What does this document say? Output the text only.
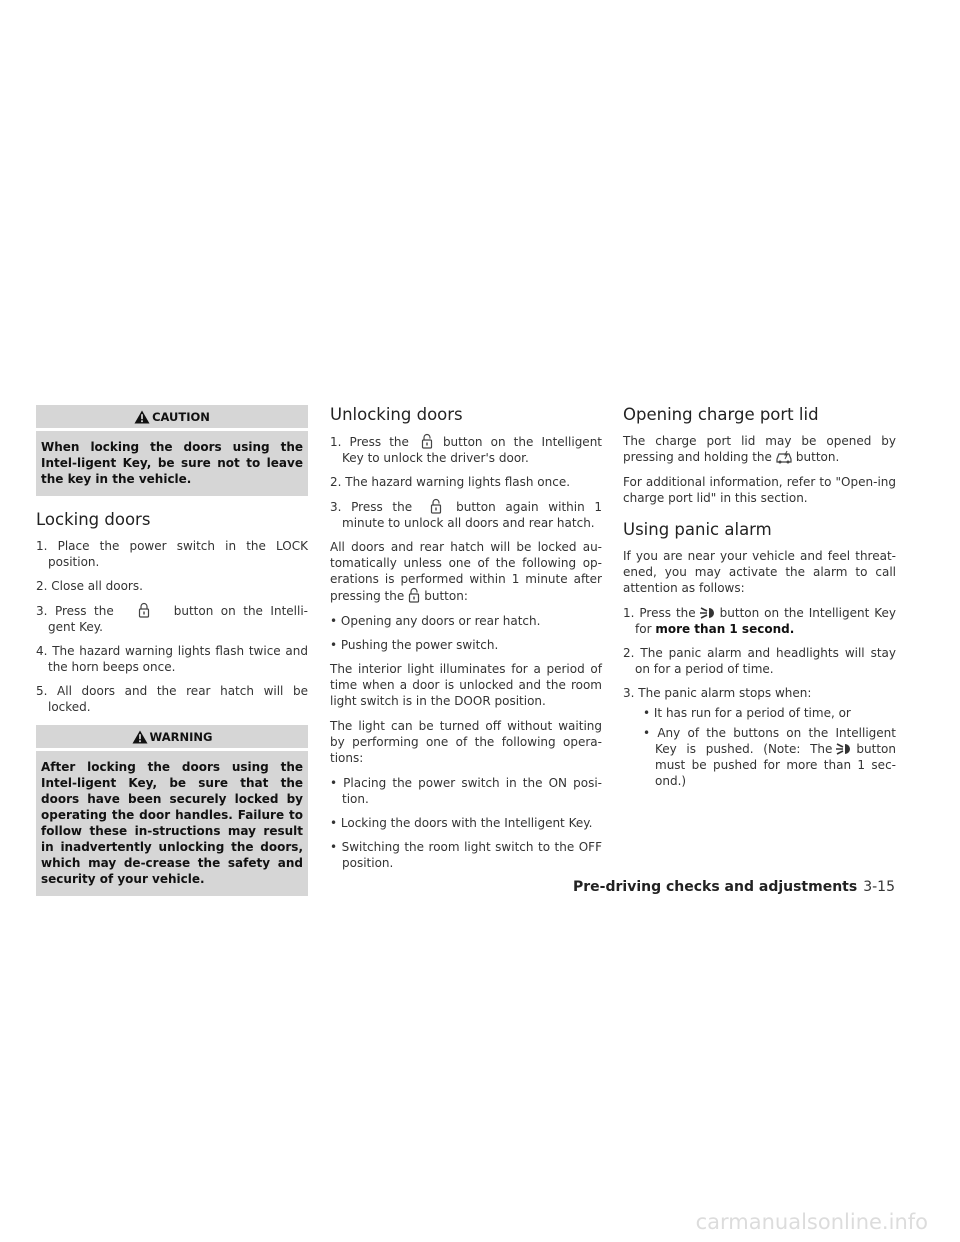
CAUTION
When locking the doors using the Intel-ligent Key, be sure not to leave the key in the vehicle.
Locking doors
1. Place the power switch in the LOCK position.
2. Close all doors.
3. Press the	button on the Intelli-gent Key.
4. The hazard warning lights flash twice and the horn beeps once.
5. All doors and the rear hatch will be locked.
WARNING
After locking the doors using the Intel-ligent Key, be sure that the doors have been securely locked by operating the door handles. Failure to follow these in-structions may result in inadvertently unlocking the doors, which may de-crease the safety and security of your vehicle.
Unlocking doors
1. Press the	button on the Intelligent Key to unlock the driver's door.
2. The hazard warning lights flash once.
3. Press the	button again within 1 minute to unlock all doors and rear hatch.

All doors and rear hatch will be locked au-tomatically unless one of the following op-erations is performed within 1 minute after pressing the button:

• Opening any doors or rear hatch.
• Pushing the power switch.

The interior light illuminates for a period of time when a door is unlocked and the room light switch is in the DOOR position.

The light can be turned off without waiting by performing one of the following opera-tions:

• Placing the power switch in the ON posi-tion.
• Locking the doors with the Intelligent Key.
• Switching the room light switch to the OFF position.
Opening charge port lid

The charge port lid may be opened by pressing and holding the button.

For additional information, refer to "Open-ing charge port lid" in this section.

Using panic alarm

If you are near your vehicle and feel threat-ened, you may activate the alarm to call attention as follows:

1. Press the button on the Intelligent Key for more than 1 second.
2. The panic alarm and headlights will stay on for a period of time.
3. The panic alarm stops when:
• It has run for a period of time, or
• Any of the buttons on the Intelligent Key is pushed. (Note: The button must be pushed for more than 1 sec-ond.)
Pre-driving checks and adjustments 3-15
carmanualsonline.info
